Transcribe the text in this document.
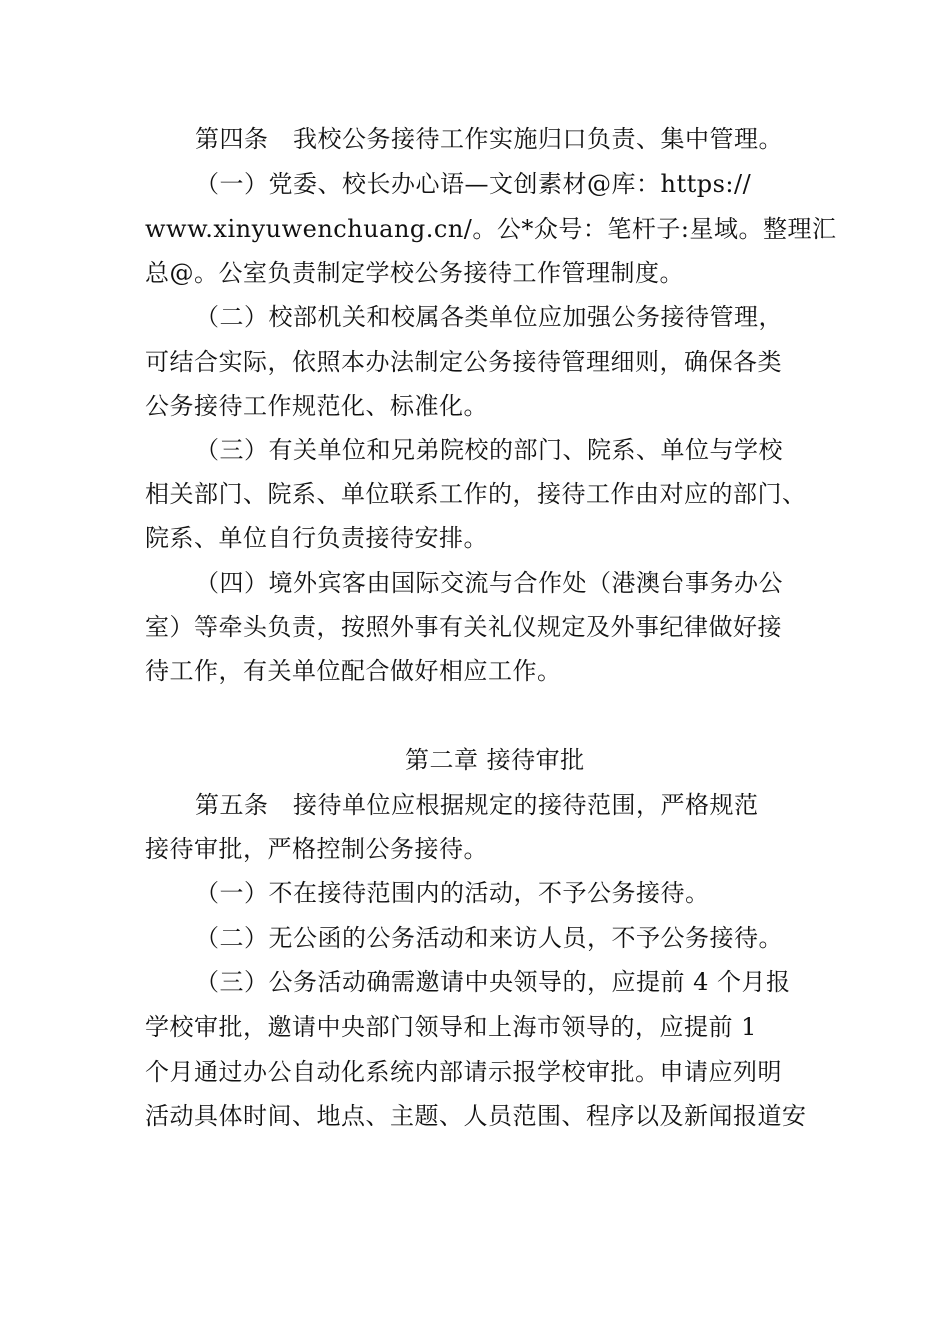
第四条　我校公务接待工作实施归口负责、集中管理。
（一）党委、校长办心语—文创素材@库：https://
www.xinyuwenchuang.cn/。公*众号：笔杆子:星域。整理汇
总@。公室负责制定学校公务接待工作管理制度。
（二）校部机关和校属各类单位应加强公务接待管理，
可结合实际，依照本办法制定公务接待管理细则，确保各类
公务接待工作规范化、标准化。
（三）有关单位和兄弟院校的部门、院系、单位与学校
相关部门、院系、单位联系工作的，接待工作由对应的部门、
院系、单位自行负责接待安排。
（四）境外宾客由国际交流与合作处（港澳台事务办公
室）等牵头负责，按照外事有关礼仪规定及外事纪律做好接
待工作，有关单位配合做好相应工作。
第二章 接待审批
第五条　接待单位应根据规定的接待范围，严格规范
接待审批，严格控制公务接待。
（一）不在接待范围内的活动，不予公务接待。
（二）无公函的公务活动和来访人员，不予公务接待。
（三）公务活动确需邀请中央领导的，应提前 4 个月报
学校审批，邀请中央部门领导和上海市领导的，应提前 1
个月通过办公自动化系统内部请示报学校审批。申请应列明
活动具体时间、地点、主题、人员范围、程序以及新闻报道安
